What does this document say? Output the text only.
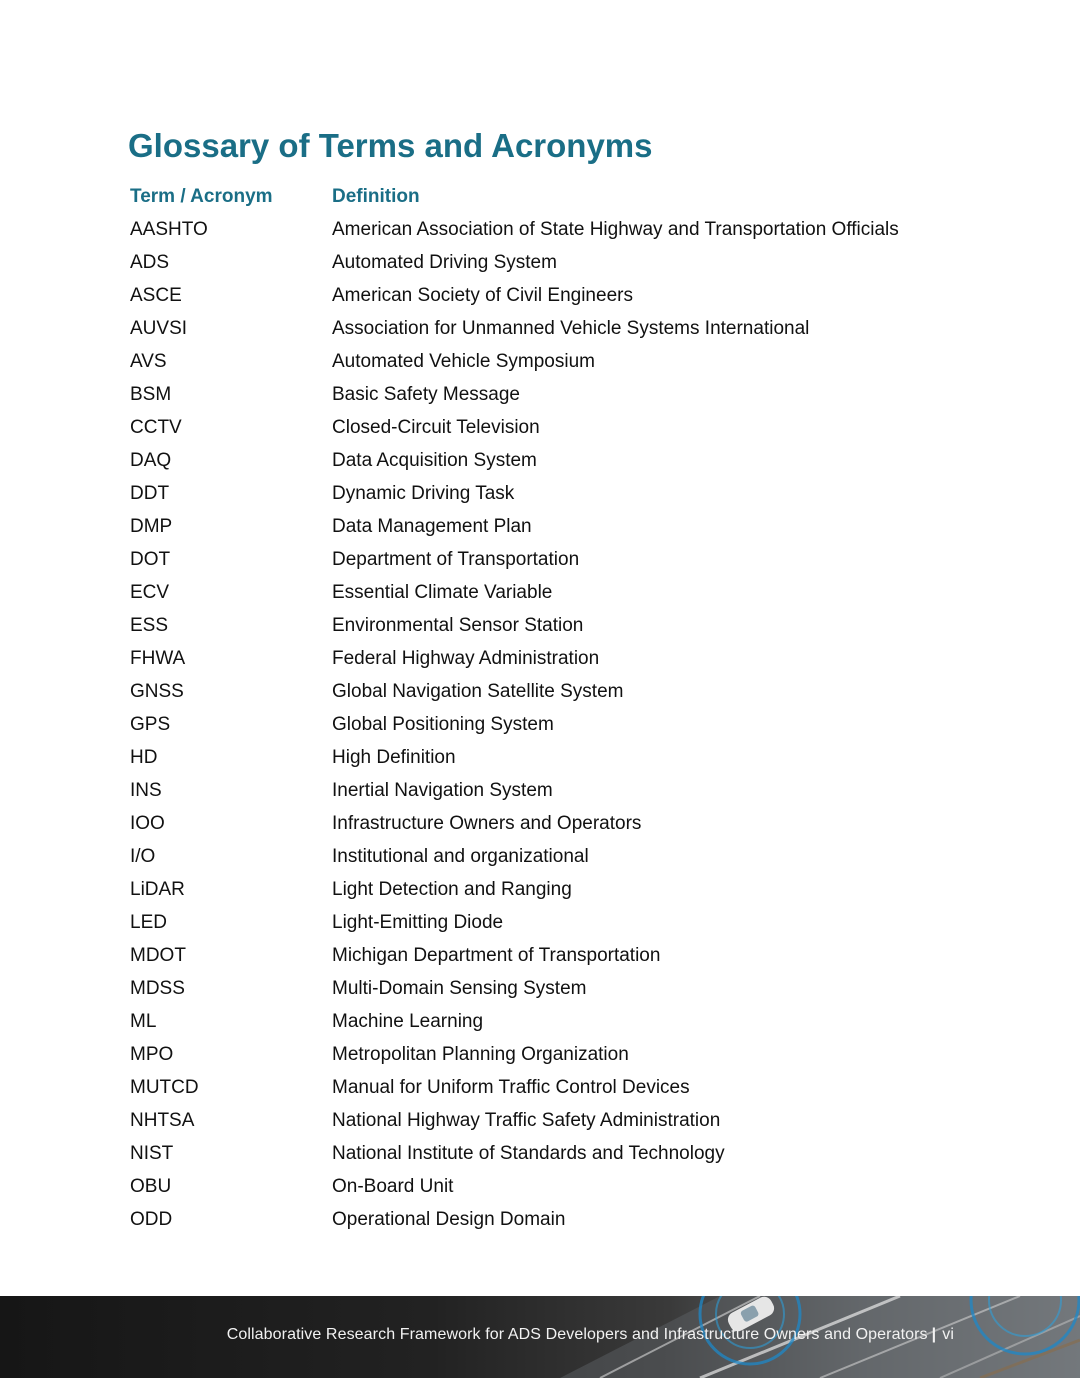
Glossary of Terms and Acronyms
Term / Acronym	Definition
AASHTO	American Association of State Highway and Transportation Officials
ADS	Automated Driving System
ASCE	American Society of Civil Engineers
AUVSI	Association for Unmanned Vehicle Systems International
AVS	Automated Vehicle Symposium
BSM	Basic Safety Message
CCTV	Closed-Circuit Television
DAQ	Data Acquisition System
DDT	Dynamic Driving Task
DMP	Data Management Plan
DOT	Department of Transportation
ECV	Essential Climate Variable
ESS	Environmental Sensor Station
FHWA	Federal Highway Administration
GNSS	Global Navigation Satellite System
GPS	Global Positioning System
HD	High Definition
INS	Inertial Navigation System
IOO	Infrastructure Owners and Operators
I/O	Institutional and organizational
LiDAR	Light Detection and Ranging
LED	Light-Emitting Diode
MDOT	Michigan Department of Transportation
MDSS	Multi-Domain Sensing System
ML	Machine Learning
MPO	Metropolitan Planning Organization
MUTCD	Manual for Uniform Traffic Control Devices
NHTSA	National Highway Traffic Safety Administration
NIST	National Institute of Standards and Technology
OBU	On-Board Unit
ODD	Operational Design Domain
Collaborative Research Framework for ADS Developers and Infrastructure Owners and Operators | vi
